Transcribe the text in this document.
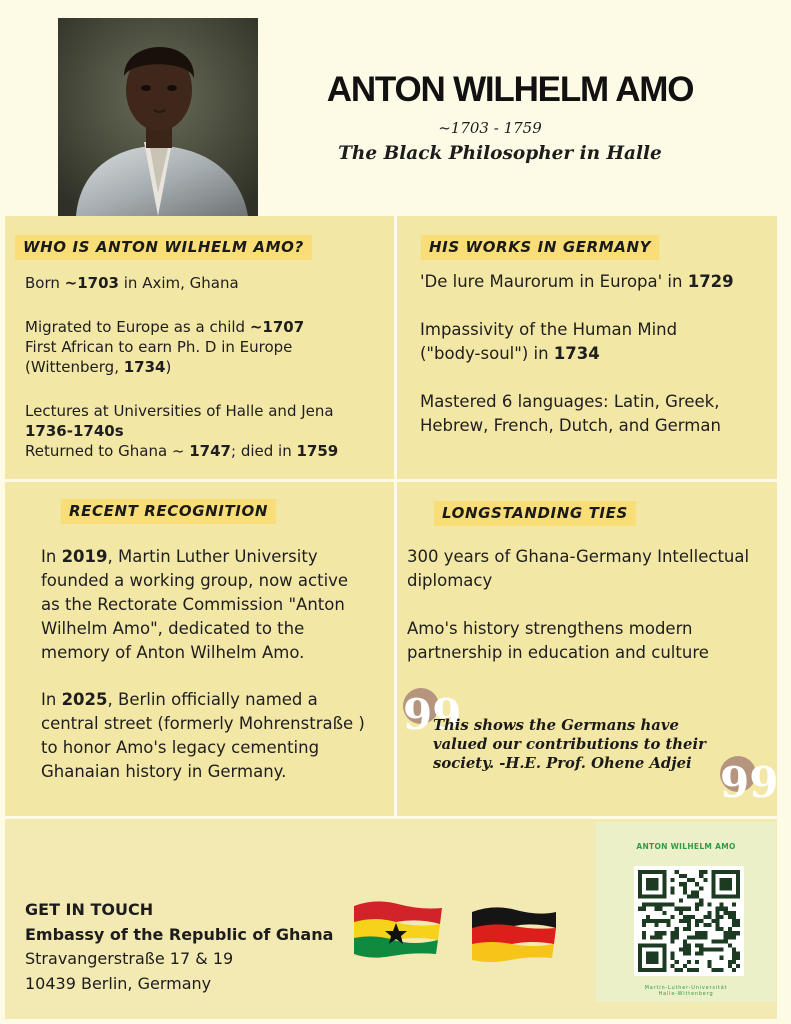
ANTON WILHELM AMO
~1703 - 1759
The Black Philosopher in Halle
WHO IS ANTON WILHELM AMO?
Born ~1703 in Axim, Ghana
Migrated to Europe as a child ~1707
First African to earn Ph. D in Europe
(Wittenberg, 1734)
Lectures at Universities of Halle and Jena
1736-1740s
Returned to Ghana ~ 1747; died in 1759
HIS WORKS IN GERMANY
'De lure Maurorum in Europa' in 1729
Impassivity of the Human Mind
("body-soul") in 1734
Mastered 6 languages: Latin, Greek,
Hebrew, French, Dutch, and German
RECENT RECOGNITION
In 2019, Martin Luther University
founded a working group, now active
as the Rectorate Commission "Anton
Wilhelm Amo", dedicated to the
memory of Anton Wilhelm Amo.
In 2025, Berlin officially named a
central street (formerly Mohrenstraße )
to honor Amo's legacy cementing
Ghanaian history in Germany.
LONGSTANDING TIES
300 years of Ghana-Germany Intellectual
diplomacy
Amo's history strengthens modern
partnership in education and culture
99
This shows the Germans have
valued our contributions to their
society. -H.E. Prof. Ohene Adjei 99
GET IN TOUCH
Embassy of the Republic of Ghana
Stravangerstraße 17 & 19
10439 Berlin, Germany
ANTON WILHELM AMO
Martin-Luther-Universität
Halle-Wittenberg
